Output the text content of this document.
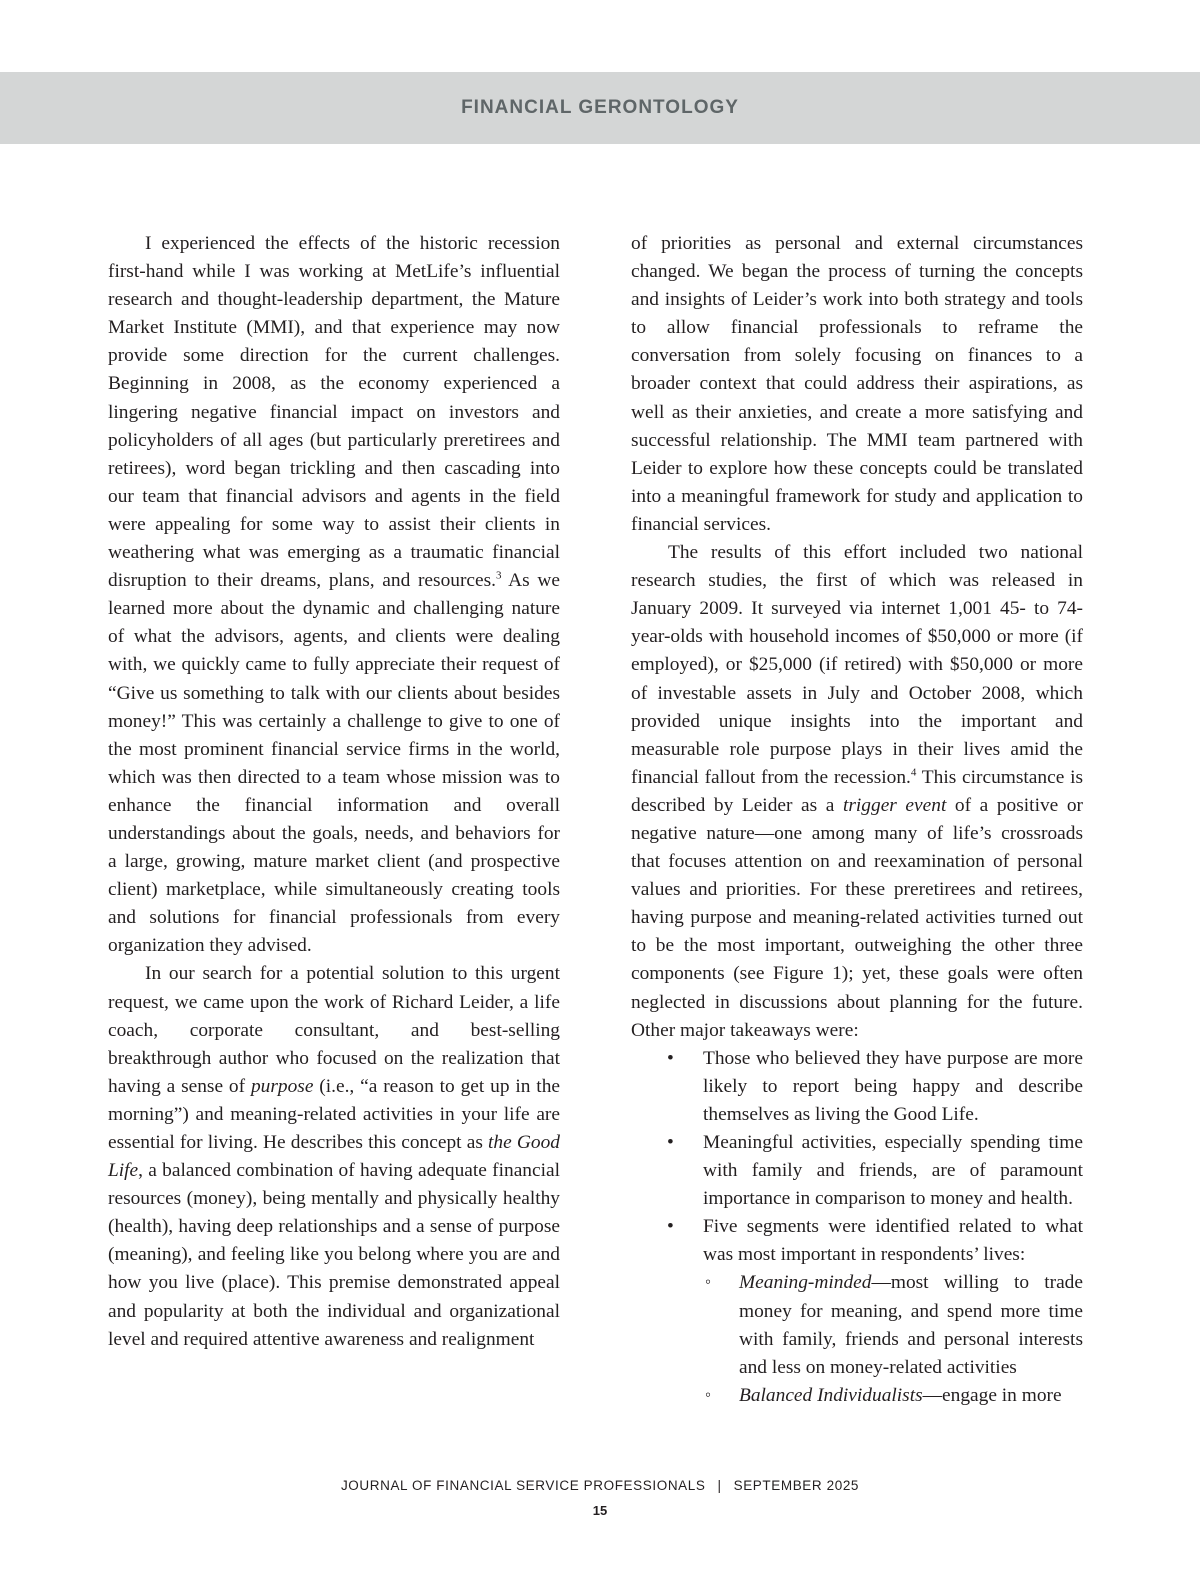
FINANCIAL GERONTOLOGY

I experienced the effects of the historic recession first-hand while I was working at MetLife’s influential research and thought-leadership department, the Mature Market Institute (MMI), and that experience may now provide some direction for the current challenges. Beginning in 2008, as the economy experienced a lingering negative financial impact on investors and policyholders of all ages (but particularly preretirees and retirees), word began trickling and then cascading into our team that financial advisors and agents in the field were appealing for some way to assist their clients in weathering what was emerging as a traumatic financial disruption to their dreams, plans, and resources.$^3$ As we learned more about the dynamic and challenging nature of what the advisors, agents, and clients were dealing with, we quickly came to fully appreciate their request of “Give us something to talk with our clients about besides money!” This was certainly a challenge to give to one of the most prominent financial service firms in the world, which was then directed to a team whose mission was to enhance the financial information and overall understandings about the goals, needs, and behaviors for a large, growing, mature market client (and prospective client) marketplace, while simultaneously creating tools and solutions for financial professionals from every organization they advised.

In our search for a potential solution to this urgent request, we came upon the work of Richard Leider, a life coach, corporate consultant, and best-selling breakthrough author who focused on the realization that having a sense of purpose (i.e., “a reason to get up in the morning”) and meaning-related activities in your life are essential for living. He describes this concept as the Good Life, a balanced combination of having adequate financial resources (money), being mentally and physically healthy (health), having deep relationships and a sense of purpose (meaning), and feeling like you belong where you are and how you live (place). This premise demonstrated appeal and popularity at both the individual and organizational level and required attentive awareness and realignment

of priorities as personal and external circumstances changed. We began the process of turning the concepts and insights of Leider’s work into both strategy and tools to allow financial professionals to reframe the conversation from solely focusing on finances to a broader context that could address their aspirations, as well as their anxieties, and create a more satisfying and successful relationship. The MMI team partnered with Leider to explore how these concepts could be translated into a meaningful framework for study and application to financial services.

The results of this effort included two national research studies, the first of which was released in January 2009. It surveyed via internet 1,001 45- to 74-year-olds with household incomes of $50,000 or more (if employed), or $25,000 (if retired) with $50,000 or more of investable assets in July and October 2008, which provided unique insights into the important and measurable role purpose plays in their lives amid the financial fallout from the recession.$^4$ This circumstance is described by Leider as a trigger event of a positive or negative nature—one among many of life’s crossroads that focuses attention on and reexamination of personal values and priorities. For these preretirees and retirees, having purpose and meaning-related activities turned out to be the most important, outweighing the other three components (see Figure 1); yet, these goals were often neglected in discussions about planning for the future. Other major takeaways were:

• Those who believed they have purpose are more likely to report being happy and describe themselves as living the Good Life.
• Meaningful activities, especially spending time with family and friends, are of paramount importance in comparison to money and health.
• Five segments were identified related to what was most important in respondents’ lives:
◦ Meaning-minded—most willing to trade money for meaning, and spend more time with family, friends and personal interests and less on money-related activities
◦ Balanced Individualists—engage in more
JOURNAL OF FINANCIAL SERVICE PROFESSIONALS | SEPTEMBER 2025
15
